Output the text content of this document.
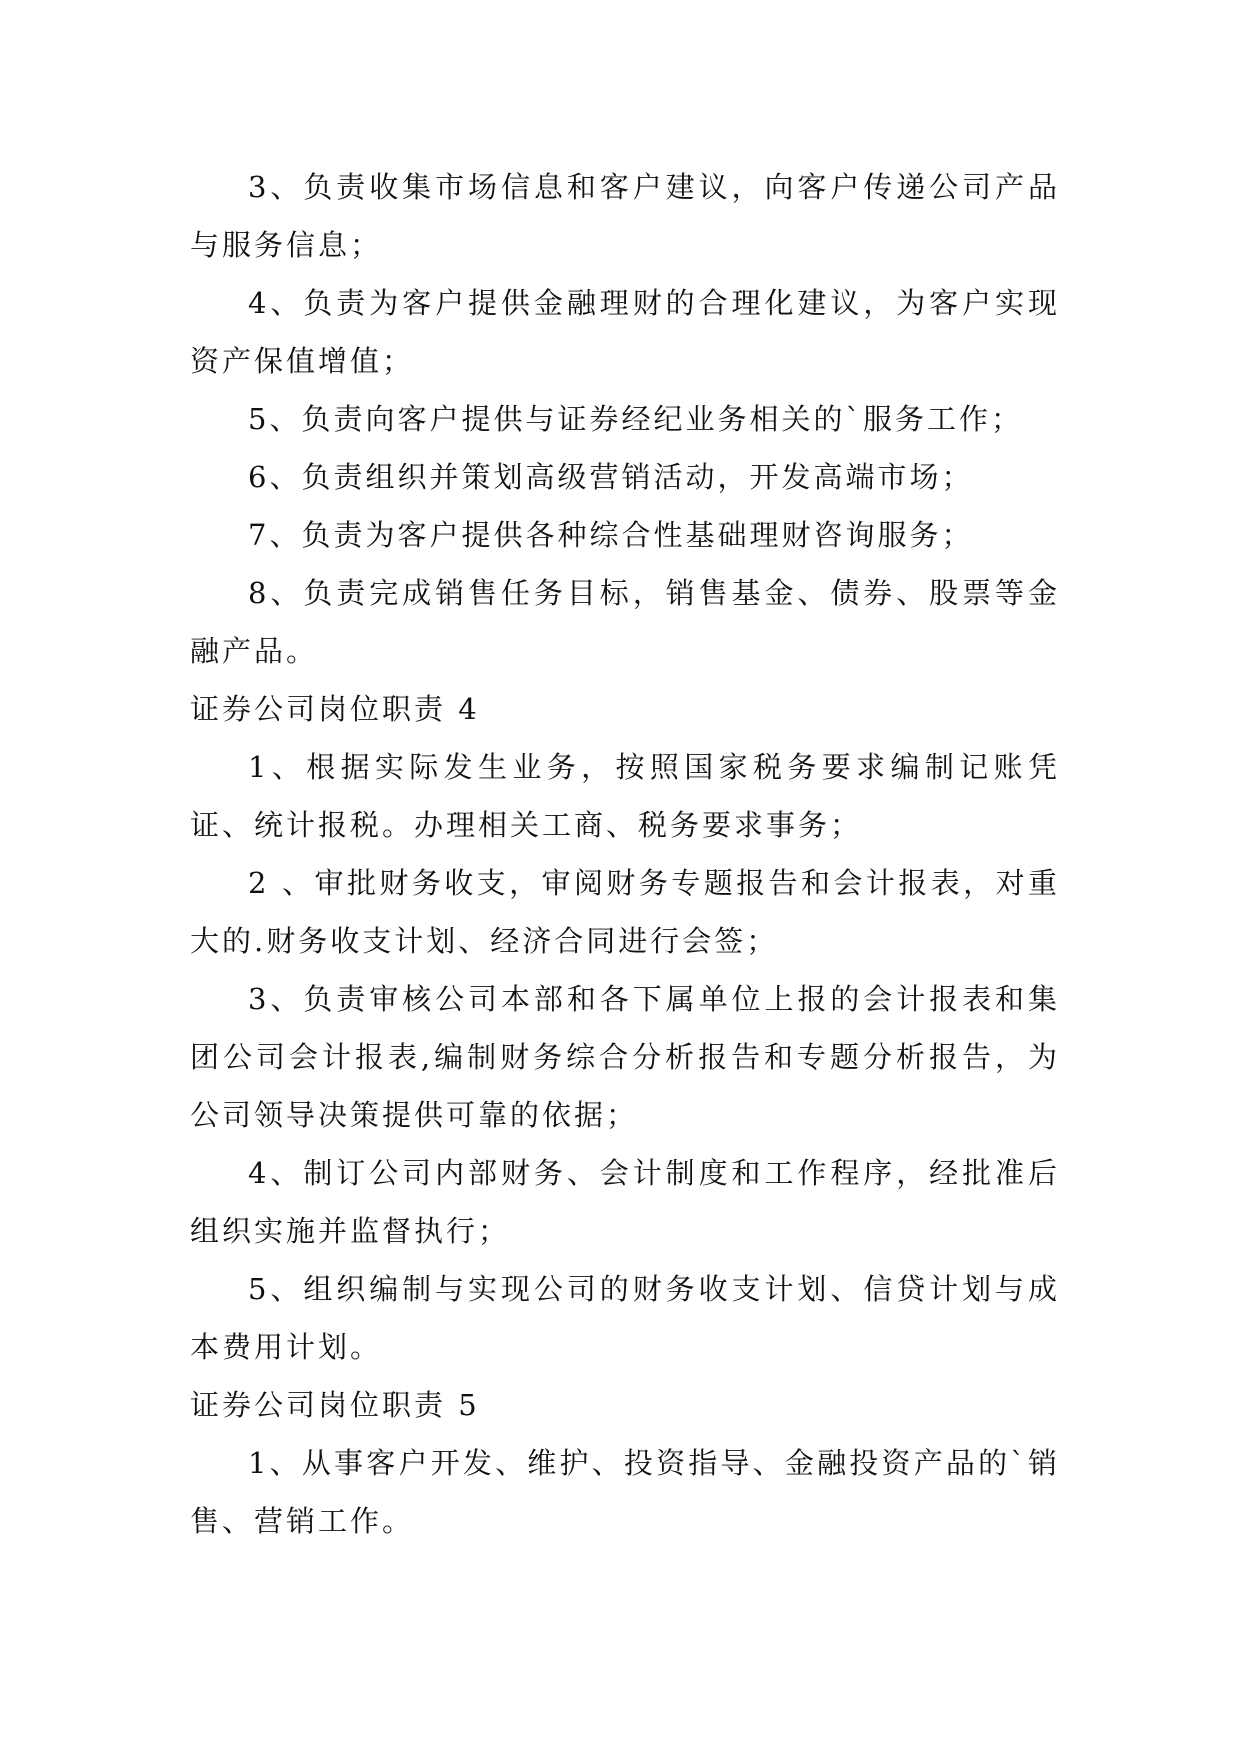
3、负责收集市场信息和客户建议，向客户传递公司产品与服务信息；

4、负责为客户提供金融理财的合理化建议，为客户实现资产保值增值；

5、负责向客户提供与证券经纪业务相关的`服务工作；

6、负责组织并策划高级营销活动，开发高端市场；

7、负责为客户提供各种综合性基础理财咨询服务；

8、负责完成销售任务目标，销售基金、债券、股票等金融产品。

证券公司岗位职责 4

1、根据实际发生业务，按照国家税务要求编制记账凭证、统计报税。办理相关工商、税务要求事务；

2 、审批财务收支，审阅财务专题报告和会计报表，对重大的.财务收支计划、经济合同进行会签；

3、负责审核公司本部和各下属单位上报的会计报表和集团公司会计报表,编制财务综合分析报告和专题分析报告，为公司领导决策提供可靠的依据；

4、制订公司内部财务、会计制度和工作程序，经批准后组织实施并监督执行；

5、组织编制与实现公司的财务收支计划、信贷计划与成本费用计划。

证券公司岗位职责 5

1、从事客户开发、维护、投资指导、金融投资产品的`销售、营销工作。
